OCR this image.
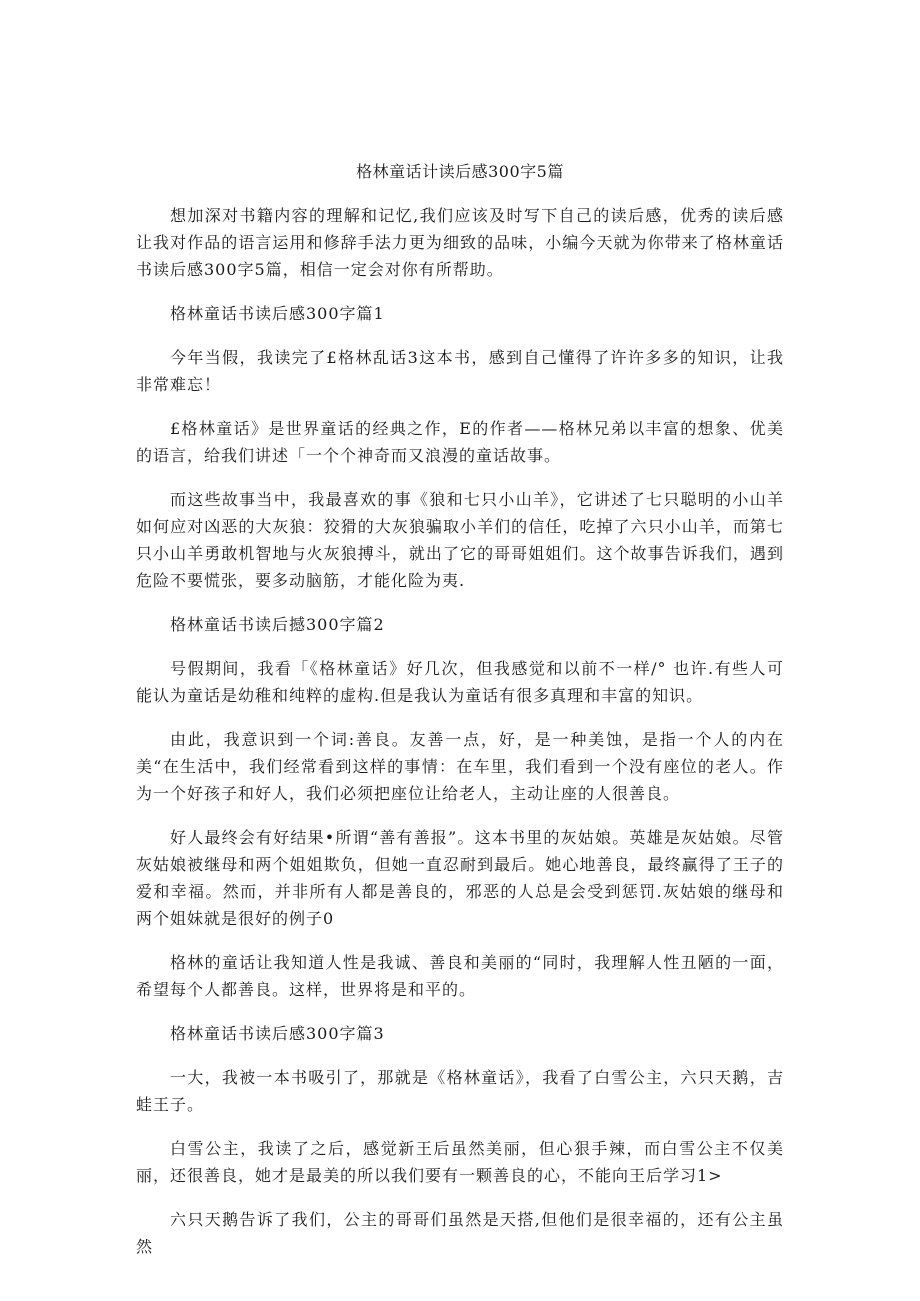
格林童话计读后感300字5篇

想加深对书籍内容的理解和记忆,我们应该及时写下自己的读后感，优秀的读后感让我对作品的语言运用和修辞手法力更为细致的品味，小编今天就为你带来了格林童话书读后感300字5篇，相信一定会对你有所帮助。

格林童话书读后感300字篇1

今年当假，我读完了£格林乱话3这本书，感到自己懂得了许许多多的知识，让我非常难忘！

£格林童话》是世界童话的经典之作，E的作者——格林兄弟以丰富的想象、优美的语言，给我们讲述「一个个神奇而又浪漫的童话故事。

而这些故事当中，我最喜欢的事《狼和七只小山羊》，它讲述了七只聪明的小山羊如何应对凶恶的大灰狼：狡猾的大灰狼骗取小羊们的信任，吃掉了六只小山羊，而第七只小山羊勇敢机智地与火灰狼搏斗，就出了它的哥哥姐姐们。这个故事告诉我们，遇到危险不要慌张，要多动脑筋，才能化险为夷.

格林童话书读后撼300字篇2

号假期间，我看「《格林童话》好几次，但我感觉和以前不一样/° 也许.有些人可能认为童话是幼稚和纯粹的虚构.但是我认为童话有很多真理和丰富的知识。

由此，我意识到一个词:善良。友善一点，好，是一种美蚀，是指一个人的内在美“在生活中，我们经常看到这样的事情：在车里，我们看到一个没有座位的老人。作为一个好孩子和好人，我们必须把座位让给老人，主动让座的人很善良。

好人最终会有好结果•所谓“善有善报”。这本书里的灰姑娘。英雄是灰姑娘。尽管灰姑娘被继母和两个姐姐欺负，但她一直忍耐到最后。她心地善良，最终赢得了王子的爱和幸福。然而，并非所有人都是善良的，邪恶的人总是会受到惩罚.灰姑娘的继母和两个姐妹就是很好的例子0

格林的童话让我知道人性是我诚、善良和美丽的“同时，我理解人性丑陋的一面，希望每个人都善良。这样，世界将是和平的。

格林童话书读后感300字篇3

一大，我被一本书吸引了，那就是《格林童话》，我看了白雪公主，六只天鹅，吉蛙王子。

白雪公主，我读了之后，感觉新王后虽然美丽，但心狠手辣，而白雪公主不仅美丽，还很善良，她才是最美的所以我们要有一颗善良的心，不能向王后学习1>

六只天鹅告诉了我们，公主的哥哥们虽然是天搭,但他们是很幸福的，还有公主虽然
